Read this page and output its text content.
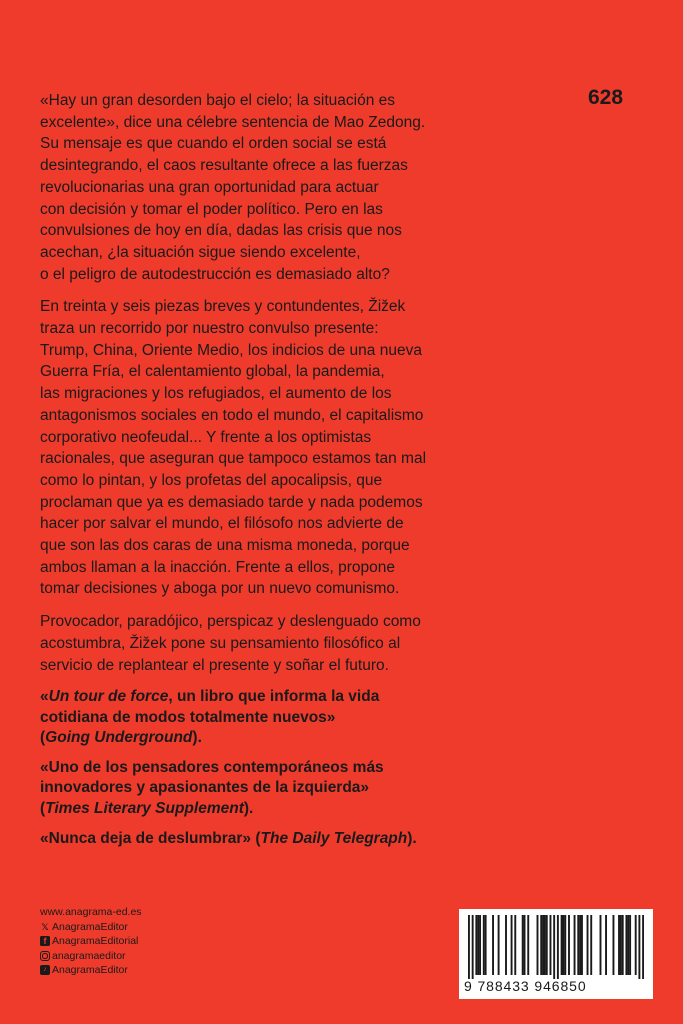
628
«Hay un gran desorden bajo el cielo; la situación es
excelente», dice una célebre sentencia de Mao Zedong.
Su mensaje es que cuando el orden social se está
desintegrando, el caos resultante ofrece a las fuerzas
revolucionarias una gran oportunidad para actuar
con decisión y tomar el poder político. Pero en las
convulsiones de hoy en día, dadas las crisis que nos
acechan, ¿la situación sigue siendo excelente,
o el peligro de autodestrucción es demasiado alto?
En treinta y seis piezas breves y contundentes, Žižek
traza un recorrido por nuestro convulso presente:
Trump, China, Oriente Medio, los indicios de una nueva
Guerra Fría, el calentamiento global, la pandemia,
las migraciones y los refugiados, el aumento de los
antagonismos sociales en todo el mundo, el capitalismo
corporativo neofeudal... Y frente a los optimistas
racionales, que aseguran que tampoco estamos tan mal
como lo pintan, y los profetas del apocalipsis, que
proclaman que ya es demasiado tarde y nada podemos
hacer por salvar el mundo, el filósofo nos advierte de
que son las dos caras de una misma moneda, porque
ambos llaman a la inacción. Frente a ellos, propone
tomar decisiones y aboga por un nuevo comunismo.
Provocador, paradójico, perspicaz y deslenguado como
acostumbra, Žižek pone su pensamiento filosófico al
servicio de replantear el presente y soñar el futuro.
«Un tour de force, un libro que informa la vida
cotidiana de modos totalmente nuevos»
(Going Underground).
«Uno de los pensadores contemporáneos más
innovadores y apasionantes de la izquierda»
(Times Literary Supplement).
«Nunca deja de deslumbrar» (The Daily Telegraph).
www.anagrama-ed.es
𝕏 AnagramaEditor
f AnagramaEditorial
anagramaeditor
♪ AnagramaEditor
9 788433 946850
